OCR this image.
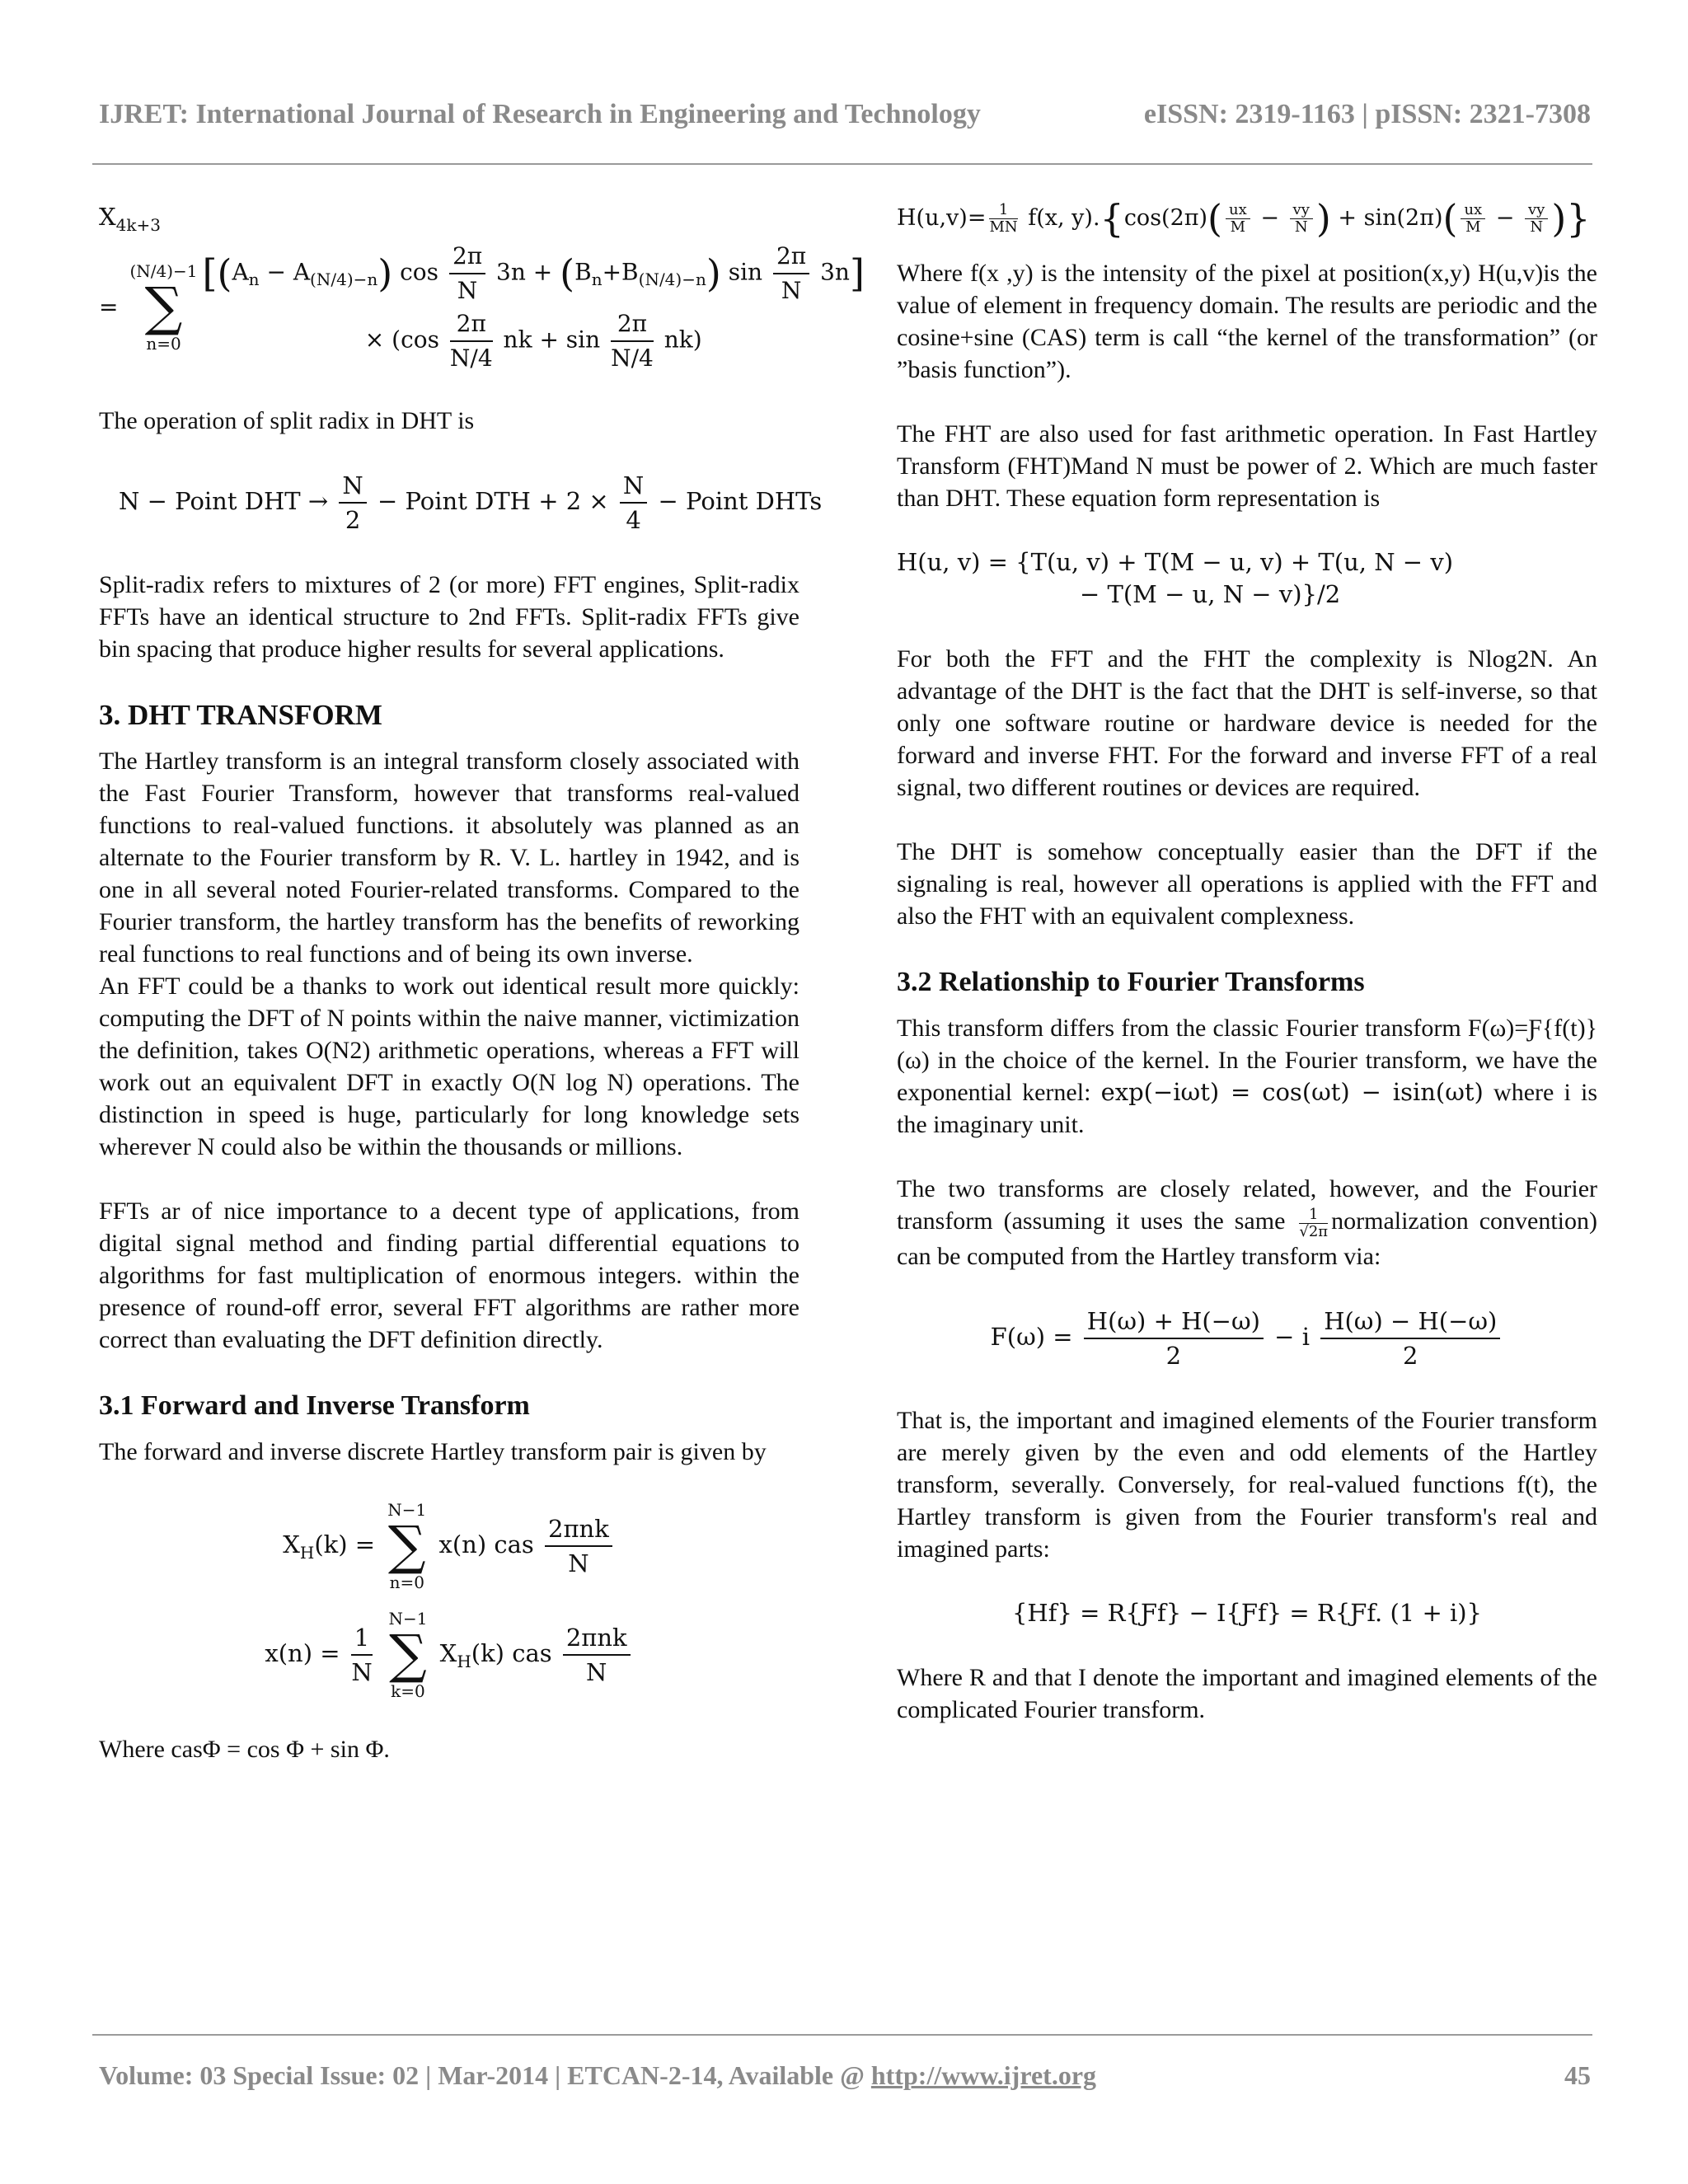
IJRET: International Journal of Research in Engineering and Technology	eISSN: 2319-1163 | pISSN: 2321-7308
$X_{4k+3}$
=
(N/4)−1
∑
n=0
[$(A_n - A_{(N/4)-n})$ $\cos \frac{2\pi}{N} 3n + (B_n+B_{(N/4)-n})$ $\sin \frac{2\pi}{N} 3n$]
× ($\cos \frac{2\pi}{N/4}$ nk + $\sin \frac{2\pi}{N/4} nk$)

The operation of split radix in DHT is

N − Point DHT → $\frac{N}{2}$ − Point DTH + $2 \times \frac{N}{4}$ − Point DHTs

Split-radix refers to mixtures of 2 (or more) FFT engines, Split-radix FFTs have an identical structure to 2nd FFTs. Split-radix FFTs give bin spacing that produce higher results for several applications.

3. DHT TRANSFORM

The Hartley transform is an integral transform closely associated with the Fast Fourier Transform, however that transforms real-valued functions to real-valued functions. it absolutely was planned as an alternate to the Fourier transform by R. V. L. hartley in 1942, and is one in all several noted Fourier-related transforms. Compared to the Fourier transform, the hartley transform has the benefits of reworking real functions to real functions and of being its own inverse.

An FFT could be a thanks to work out identical result more quickly: computing the DFT of N points within the naive manner, victimization the definition, takes O(N2) arithmetic operations, whereas a FFT will work out an equivalent DFT in exactly O(N log N) operations. The distinction in speed is huge, particularly for long knowledge sets wherever N could also be within the thousands or millions.

FFTs ar of nice importance to a decent type of applications, from digital signal method and finding partial differential equations to algorithms for fast multiplication of enormous integers. within the presence of round-off error, several FFT algorithms are rather more correct than evaluating the DFT definition directly.

3.1 Forward and Inverse Transform

The forward and inverse discrete Hartley transform pair is given by

$X_H(k)$ =
N−1
∑
n=0
x(n) cas $\frac{\text{2πnk}}{N}$
$x(n) = \frac{1}{N}$

N−1
∑
k=0
$X_H(k)$ cas $\frac{\text{2πnk}}{N}$

Where casΦ = cos Φ + sin Φ.

$H(u,v)= \frac{1}{MN} f(x$, $y).\{\cos(2\pi)( \frac{ux}{M} - \frac{vy}{N}$ ) + $\sin(2\pi)( \frac{ux}{M} - \frac{vy}{N}$ )}

Where f(x ,y) is the intensity of the pixel at position(x,y) H(u,v)is the value of element in frequency domain. The results are periodic and the cosine+sine (CAS) term is call “the kernel of the transformation” (or ”basis function”).

The FHT are also used for fast arithmetic operation. In Fast Hartley Transform (FHT)Mand N must be power of 2. Which are much faster than DHT. These equation form representation is

H(u, v) = {T(u, v) + T(M − u, v) + T(u, N − v)
− T(M − u, N − v)}/2

For both the FFT and the FHT the complexity is Nlog2N. An advantage of the DHT is the fact that the DHT is self-inverse, so that only one software routine or hardware device is needed for the forward and inverse FHT. For the forward and inverse FFT of a real signal, two different routines or devices are required.

The DHT is somehow conceptually easier than the DFT if the signaling is real, however all operations is applied with the FFT and also the FHT with an equivalent complexness.

3.2 Relationship to Fourier Transforms

This transform differs from the classic Fourier transform F(ω)=Ƒ{f(t)}(ω) in the choice of the kernel. In the Fourier transform, we have the exponential kernel: exp(−iωt) = cos(ωt) − isin(ωt) where i is the imaginary unit.

The two transforms are closely related, however, and the Fourier transform (assuming it uses the same $\frac{1}{√2\pi}$ normalization convention) can be computed from the Hartley transform via:

$F(\omega) = \frac{H(\omega) + H(-\omega)}{2} - i \frac{H(\omega) - H(-\omega)}{2}$

That is, the important and imagined elements of the Fourier transform are merely given by the even and odd elements of the Hartley transform, severally. Conversely, for real-valued functions f(t), the Hartley transform is given from the Fourier transform's real and imagined parts:

{Hf} = R{Ƒf} − I{Ƒf} = R{Ƒf. (1 + i)}

Where R and that I denote the important and imagined elements of the complicated Fourier transform.

Volume: 03 Special Issue: 02 | Mar-2014 | ETCAN-2-14, Available @ http://www.ijret.org	45
